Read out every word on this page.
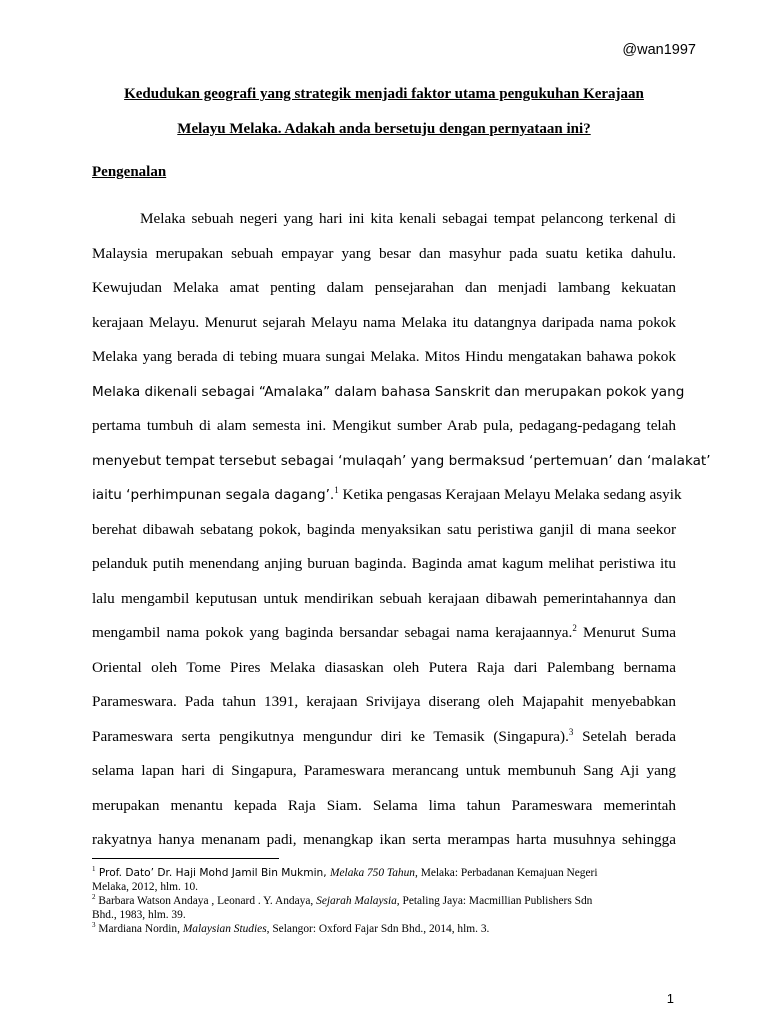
@wan1997
Kedudukan geografi yang strategik menjadi faktor utama pengukuhan Kerajaan
Melayu Melaka. Adakah anda bersetuju dengan pernyataan ini?
Pengenalan
Melaka sebuah negeri yang hari ini kita kenali sebagai tempat pelancong terkenal di
Malaysia merupakan sebuah empayar yang besar dan masyhur pada suatu ketika dahulu.
Kewujudan Melaka amat penting dalam pensejarahan dan menjadi lambang kekuatan
kerajaan Melayu. Menurut sejarah Melayu nama Melaka itu datangnya daripada nama pokok
Melaka yang berada di tebing muara sungai Melaka. Mitos Hindu mengatakan bahawa pokok
Melaka dikenali sebagai “Amalaka” dalam bahasa Sanskrit dan merupakan pokok yang
pertama tumbuh di alam semesta ini. Mengikut sumber Arab pula, pedagang-pedagang telah
menyebut tempat tersebut sebagai ‘mulaqah’ yang bermaksud ‘pertemuan’ dan ‘malakat’
iaitu ‘perhimpunan segala dagang’.$^1$ Ketika pengasas Kerajaan Melayu Melaka sedang asyik
berehat dibawah sebatang pokok, baginda menyaksikan satu peristiwa ganjil di mana seekor
pelanduk putih menendang anjing buruan baginda. Baginda amat kagum melihat peristiwa itu
lalu mengambil keputusan untuk mendirikan sebuah kerajaan dibawah pemerintahannya dan
mengambil nama pokok yang baginda bersandar sebagai nama kerajaannya.$^2$ Menurut Suma
Oriental oleh Tome Pires Melaka diasaskan oleh Putera Raja dari Palembang bernama
Parameswara. Pada tahun 1391, kerajaan Srivijaya diserang oleh Majapahit menyebabkan
Parameswara serta pengikutnya mengundur diri ke Temasik (Singapura).$^3$ Setelah berada
selama lapan hari di Singapura, Parameswara merancang untuk membunuh Sang Aji yang
merupakan menantu kepada Raja Siam. Selama lima tahun Parameswara memerintah
rakyatnya hanya menanam padi, menangkap ikan serta merampas harta musuhnya sehingga
$^1$ Prof. Dato’ Dr. Haji Mohd Jamil Bin Mukmin, Melaka 750 Tahun, Melaka: Perbadanan Kemajuan Negeri
Melaka, 2012, hlm. 10.
$^2$ Barbara Watson Andaya , Leonard . Y. Andaya, Sejarah Malaysia, Petaling Jaya: Macmillian Publishers Sdn
Bhd., 1983, hlm. 39.
$^3$ Mardiana Nordin, Malaysian Studies, Selangor: Oxford Fajar Sdn Bhd., 2014, hlm. 3.
1
